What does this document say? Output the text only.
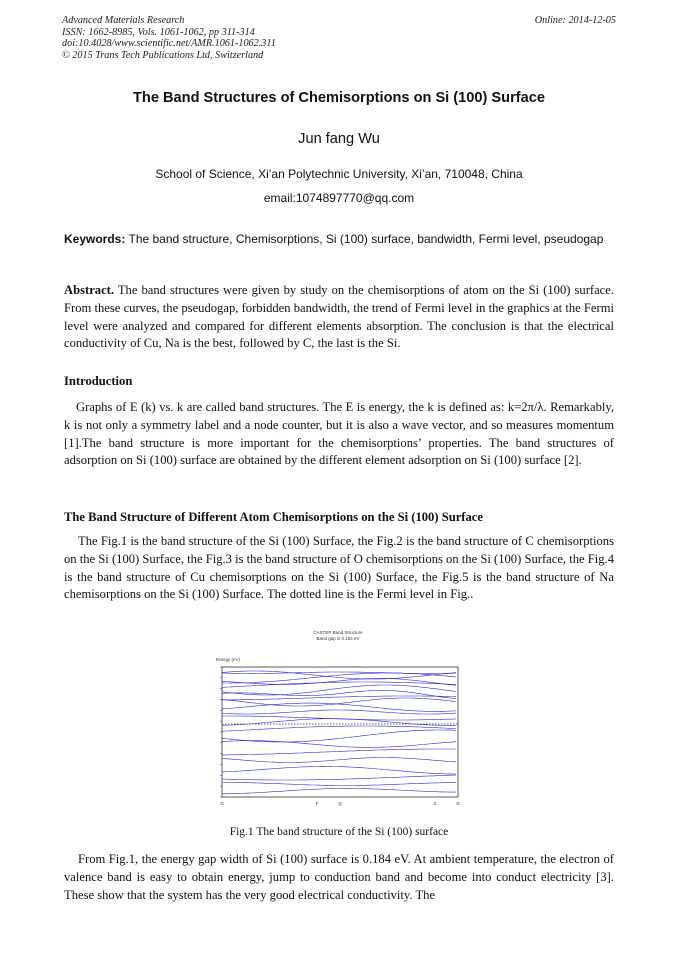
Advanced Materials Research
ISSN: 1662-8985, Vols. 1061-1062, pp 311-314
doi:10.4028/www.scientific.net/AMR.1061-1062.311
© 2015 Trans Tech Publications Ltd, Switzerland
Online: 2014-12-05
The Band Structures of Chemisorptions on Si (100) Surface
Jun fang Wu
School of Science, Xi’an Polytechnic University, Xi’an, 710048, China
email:1074897770@qq.com
Keywords: The band structure, Chemisorptions, Si (100) surface, bandwidth, Fermi level, pseudogap
Abstract. The band structures were given by study on the chemisorptions of atom on the Si (100) surface. From these curves, the pseudogap, forbidden bandwidth, the trend of Fermi level in the graphics at the Fermi level were analyzed and compared for different elements absorption. The conclusion is that the electrical conductivity of Cu, Na is the best, followed by C, the last is the Si.
Introduction
Graphs of E (k) vs. k are called band structures. The E is energy, the k is defined as: k=2π/λ. Remarkably, k is not only a symmetry label and a node counter, but it is also a wave vector, and so measures momentum [1].The band structure is more important for the chemisorptions’ properties. The band structures of adsorption on Si (100) surface are obtained by the different element adsorption on Si (100) surface [2].
The Band Structure of Different Atom Chemisorptions on the Si (100) Surface
The Fig.1 is the band structure of the Si (100) Surface, the Fig.2 is the band structure of C chemisorptions on the Si (100) Surface, the Fig.3 is the band structure of O chemisorptions on the Si (100) Surface, the Fig.4 is the band structure of Cu chemisorptions on the Si (100) Surface, the Fig.5 is the band structure of Na chemisorptions on the Si (100) Surface. The dotted line is the Fermi level in Fig..
CASTEP Band Structure
Band gap is 0.184 eV
Energy (eV)
G	F	Q	Z	G
Fig.1 The band structure of the Si (100) surface
From Fig.1, the energy gap width of Si (100) surface is 0.184 eV. At ambient temperature, the electron of valence band is easy to obtain energy, jump to conduction band and become into conduct electricity [3]. These show that the system has the very good electrical conductivity. The
